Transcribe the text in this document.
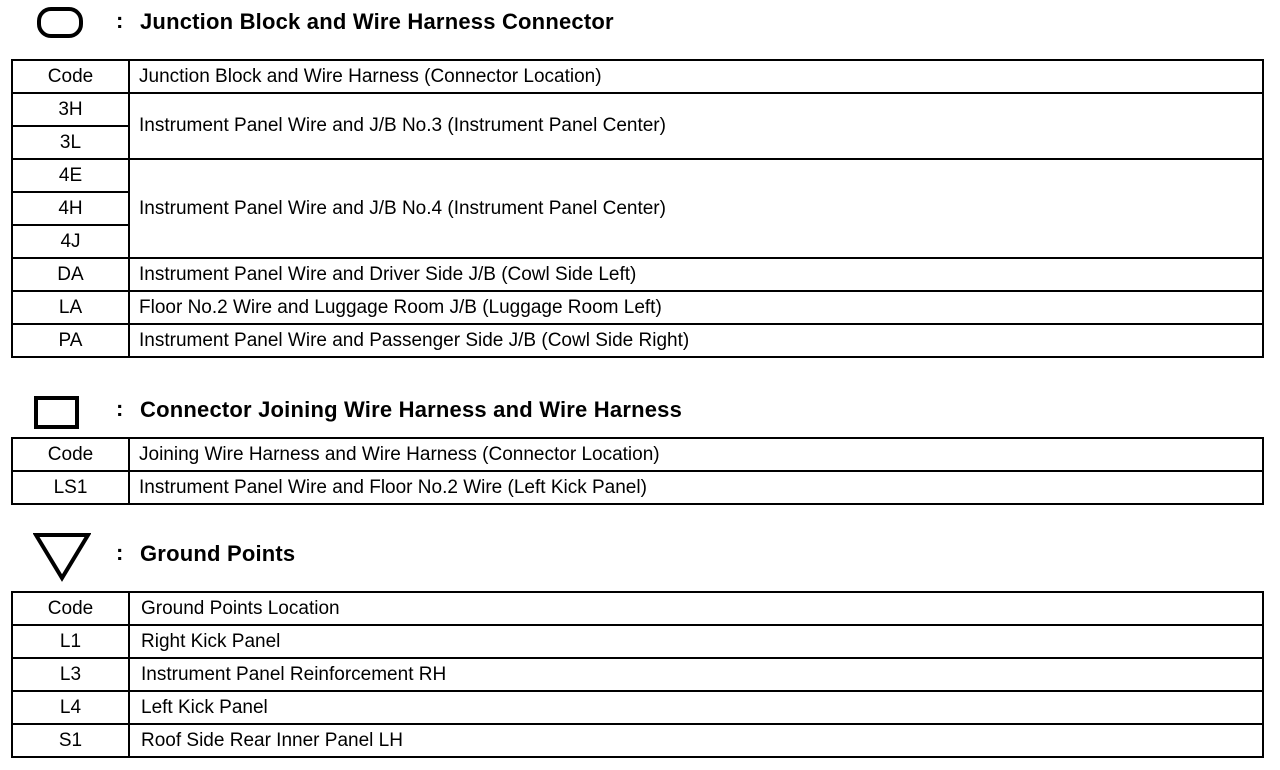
: Junction Block and Wire Harness Connector
Code	Junction Block and Wire Harness (Connector Location)
3H	Instrument Panel Wire and J/B No.3 (Instrument Panel Center)
3L	
4E	Instrument Panel Wire and J/B No.4 (Instrument Panel Center)
4H	
4J	
DA	Instrument Panel Wire and Driver Side J/B (Cowl Side Left)
LA	Floor No.2 Wire and Luggage Room J/B (Luggage Room Left)
PA	Instrument Panel Wire and Passenger Side J/B (Cowl Side Right)
: Connector Joining Wire Harness and Wire Harness
Code	Joining Wire Harness and Wire Harness (Connector Location)
LS1	Instrument Panel Wire and Floor No.2 Wire (Left Kick Panel)
: Ground Points
Code	Ground Points Location
L1	Right Kick Panel
L3	Instrument Panel Reinforcement RH
L4	Left Kick Panel
S1	Roof Side Rear Inner Panel LH
